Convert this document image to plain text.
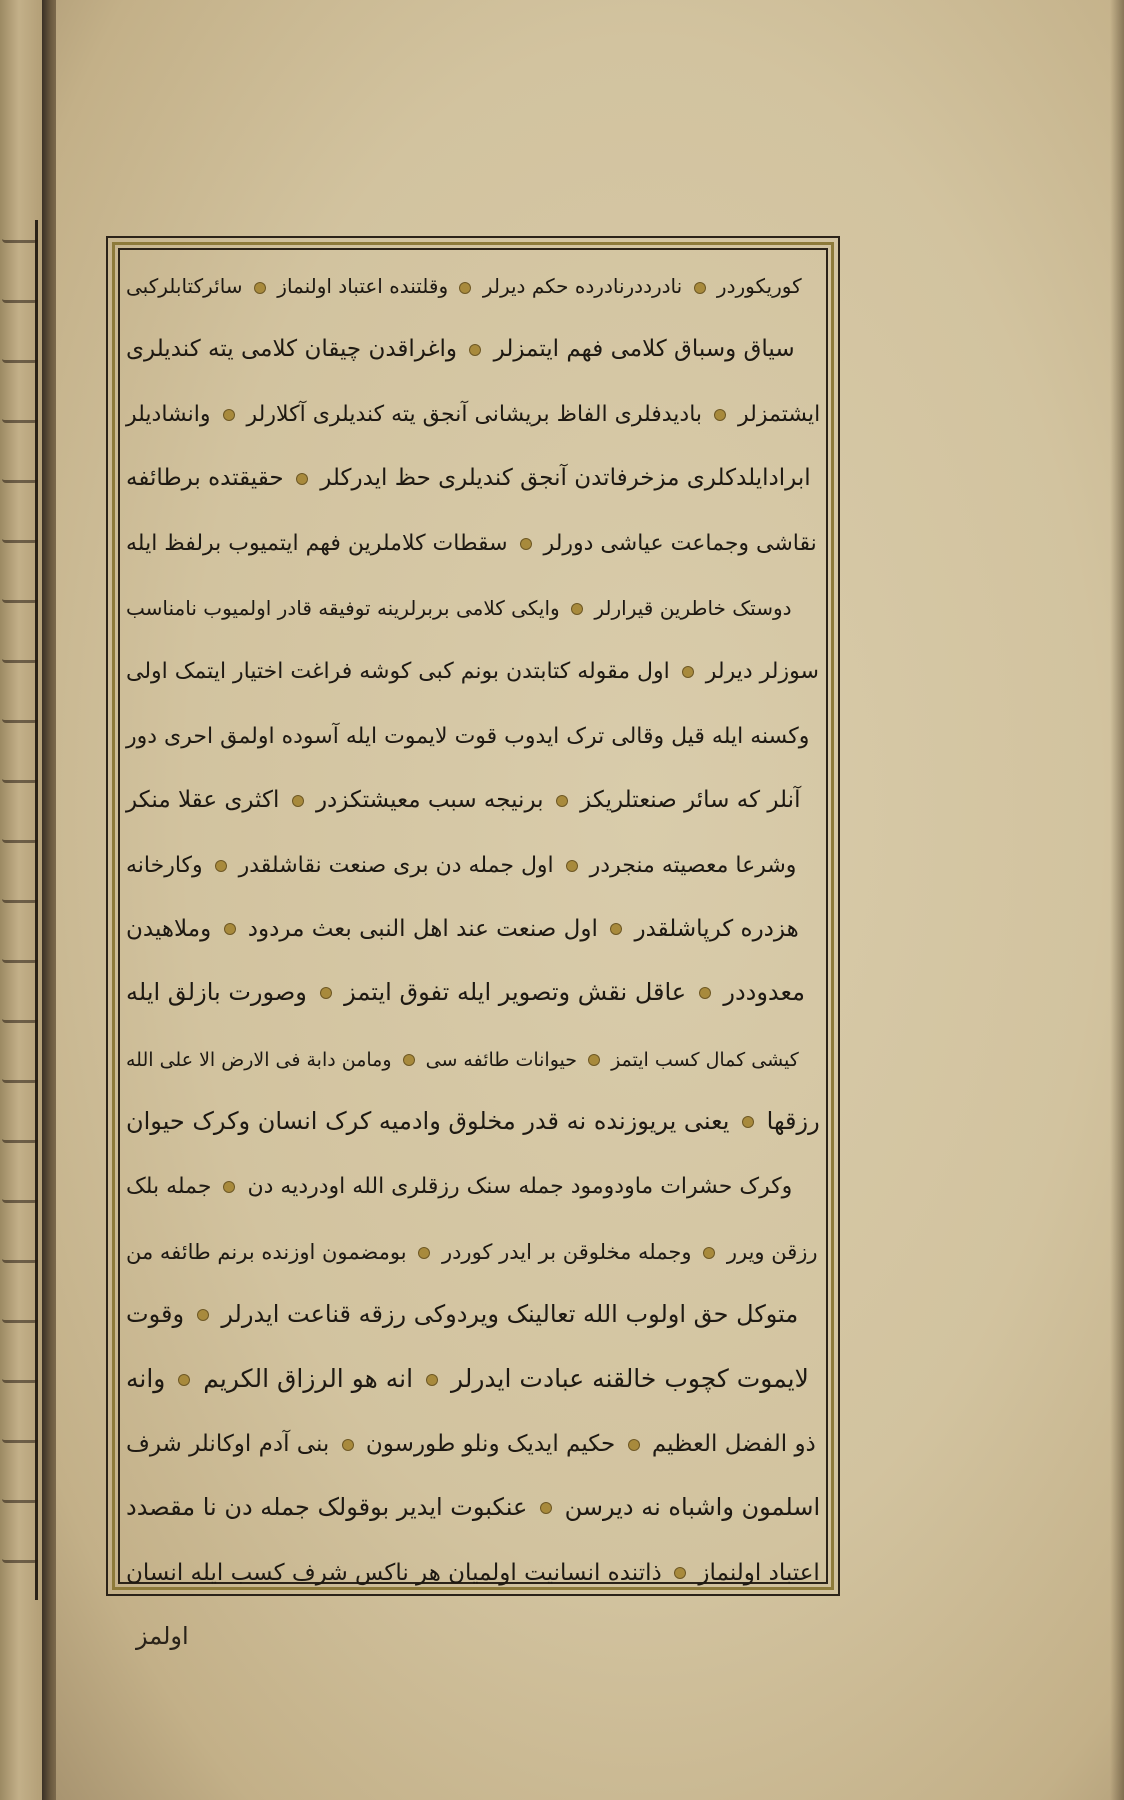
کوریکوردر  نادرددرنادرده حکم دیرلر  وقلتنده اعتباد اولنماز  سائرکتابلرکبی
سیاق وسباق کلامی فهم ایتمزلر  واغراقدن چیقان کلامی یته کندیلری
ایشتمزلر  بادیدفلری الفاظ بریشانی آنجق یته کندیلری آکلارلر  وانشادیلر
ابرادایلدکلری مزخرفاتدن آنجق کندیلری حظ ایدرکلر  حقیقتده برطائفه
نقاشی وجماعت عیاشی دورلر  سقطات کلاملرین فهم ایتمیوب برلفظ ایله
دوستک خاطرین قیرارلر  وایکی کلامی بربرلرینه توفیقه قادر اولمیوب نامناسب
سوزلر دیرلر  اول مقوله کتابتدن بونم کبی کوشه فراغت اختیار ایتمک اولی
وکسنه ایله قیل وقالی ترک ایدوب قوت لایموت ایله آسوده اولمق احری دور
آنلر که سائر صنعتلریکز  برنیجه سبب معیشتکزدر  اکثری عقلا منکر
وشرعا معصیته منجردر  اول جمله دن بری صنعت نقاشلقدر  وکارخانه
هزدره کرپاشلقدر  اول صنعت عند اهل النبی بعث مردود  وملاهیدن
معدوددر  عاقل نقش وتصویر ایله تفوق ایتمز  وصورت بازلق ایله
کیشی کمال کسب ایتمز  حیوانات طائفه سی  ومامن دابة فی الارض الا علی الله
رزقها  یعنی یریوزنده نه قدر مخلوق وادمیه کرک انسان وکرک حیوان
وکرک حشرات ماودومود جمله سنک رزقلری الله اودردیه دن  جمله بلک
رزقن ویرر  وجمله مخلوقن بر ایدر کوردر  بومضمون اوزنده برنم طائفه من
متوکل حق اولوب الله تعالینک ویردوکی رزقه قناعت ایدرلر  وقوت
لایموت کچوب خالقنه عبادت ایدرلر  انه هو الرزاق الکریم  وانه
ذو الفضل العظیم  حکیم ایدیک ونلو طورسون  بنی آدم اوکانلر شرف
اسلمون واشباه نه دیرسن  عنکبوت ایدیر بوقولک جمله دن نا مقصدد
اعتباد اولنماز  ذاتنده انسانیت اولمیان هر ناکس شرف کسب ایله انسان
اولمز
